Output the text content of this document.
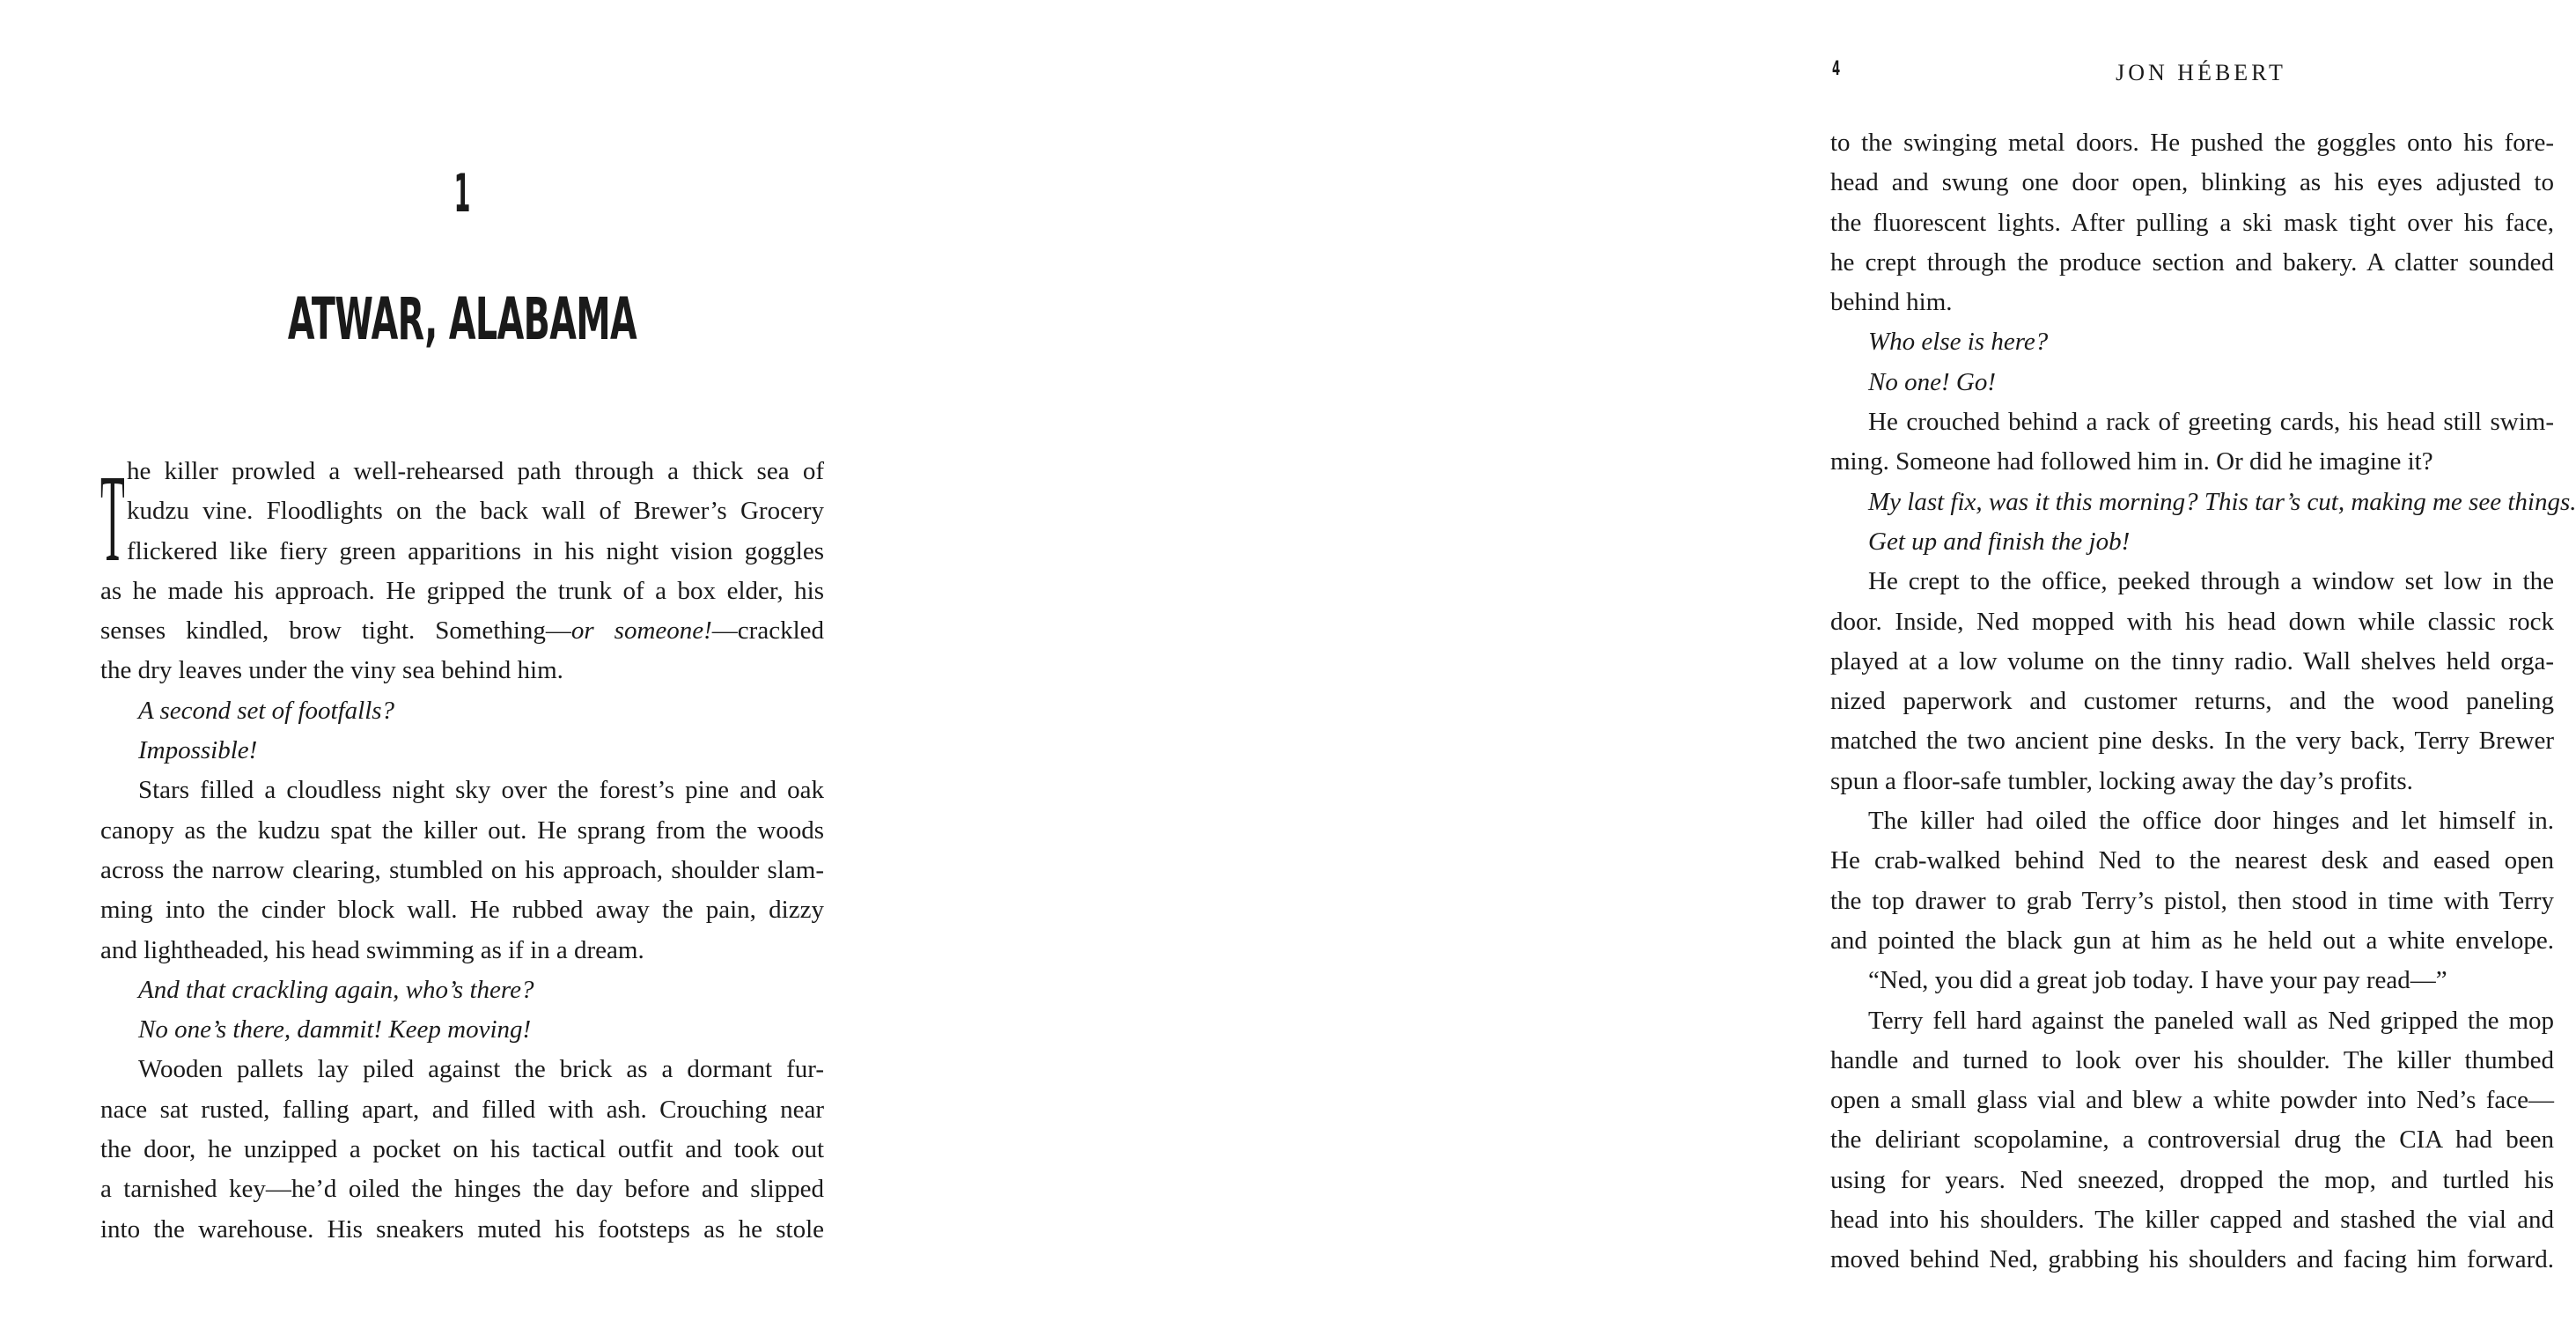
1
ATWAR, ALABAMA
T he killer prowled a well-rehearsed path through a thick sea of
kudzu vine. Floodlights on the back wall of Brewer’s Grocery
flickered like fiery green apparitions in his night vision goggles
as he made his approach. He gripped the trunk of a box elder, his
senses kindled, brow tight. Something—or someone!—crackled
the dry leaves under the viny sea behind him.
A second set of footfalls?
Impossible!
Stars filled a cloudless night sky over the forest’s pine and oak
canopy as the kudzu spat the killer out. He sprang from the woods
across the narrow clearing, stumbled on his approach, shoulder slam-
ming into the cinder block wall. He rubbed away the pain, dizzy
and lightheaded, his head swimming as if in a dream.
And that crackling again, who’s there?
No one’s there, dammit! Keep moving!
Wooden pallets lay piled against the brick as a dormant fur-
nace sat rusted, falling apart, and filled with ash. Crouching near
the door, he unzipped a pocket on his tactical outfit and took out
a tarnished key—he’d oiled the hinges the day before and slipped
into the warehouse. His sneakers muted his footsteps as he stole
4	JON HÉBERT
to the swinging metal doors. He pushed the goggles onto his fore-
head and swung one door open, blinking as his eyes adjusted to
the fluorescent lights. After pulling a ski mask tight over his face,
he crept through the produce section and bakery. A clatter sounded
behind him.
Who else is here?
No one! Go!
He crouched behind a rack of greeting cards, his head still swim-
ming. Someone had followed him in. Or did he imagine it?
My last fix, was it this morning? This tar’s cut, making me see things.
Get up and finish the job!
He crept to the office, peeked through a window set low in the
door. Inside, Ned mopped with his head down while classic rock
played at a low volume on the tinny radio. Wall shelves held orga-
nized paperwork and customer returns, and the wood paneling
matched the two ancient pine desks. In the very back, Terry Brewer
spun a floor-safe tumbler, locking away the day’s profits.
The killer had oiled the office door hinges and let himself in.
He crab-walked behind Ned to the nearest desk and eased open
the top drawer to grab Terry’s pistol, then stood in time with Terry
and pointed the black gun at him as he held out a white envelope.
“Ned, you did a great job today. I have your pay read—”
Terry fell hard against the paneled wall as Ned gripped the mop
handle and turned to look over his shoulder. The killer thumbed
open a small glass vial and blew a white powder into Ned’s face—
the deliriant scopolamine, a controversial drug the CIA had been
using for years. Ned sneezed, dropped the mop, and turtled his
head into his shoulders. The killer capped and stashed the vial and
moved behind Ned, grabbing his shoulders and facing him forward.
